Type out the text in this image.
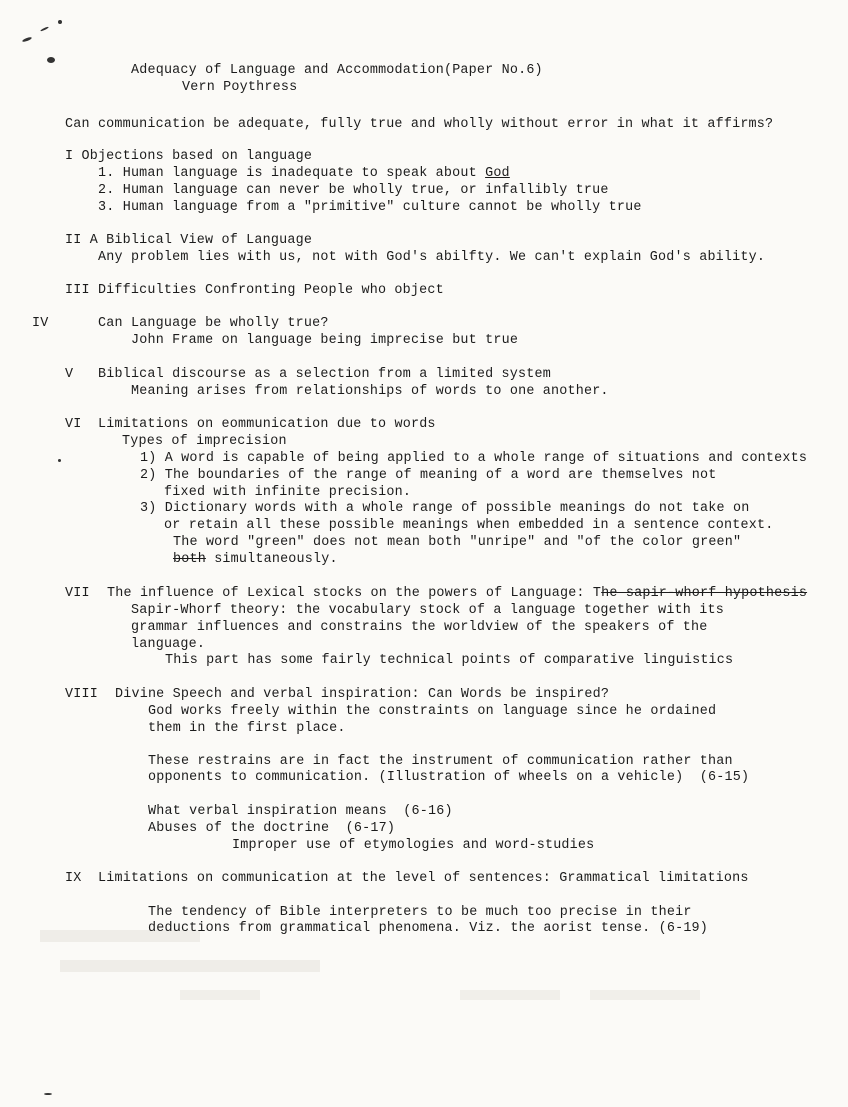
Adequacy of Language and Accommodation(Paper No.6)
Vern Poythress
Can communication be adequate, fully true and wholly without error in what it affirms?
I Objections based on language
1. Human language is inadequate to speak about God
2. Human language can never be wholly true, or infallibly true
3. Human language from a "primitive" culture cannot be wholly true
II A Biblical View of Language
Any problem lies with us, not with God's abilfty. We can't explain God's ability.
III Difficulties Confronting People who object
IV	Can Language be wholly true?
John Frame on language being imprecise but true
V Biblical discourse as a selection from a limited system
Meaning arises from relationships of words to one another.
VI Limitations on eommunication due to words
Types of imprecision
1) A word is capable of being applied to a whole range of situations and contexts
2) The boundaries of the range of meaning of a word are themselves not
fixed with infinite precision.
3) Dictionary words with a whole range of possible meanings do not take on
or retain all these possible meanings when embedded in a sentence context.
The word "green" does not mean both "unripe" and "of the color green"
both simultaneously.
VII The influence of Lexical stocks on the powers of Language: The sapir-whorf hypothesis
Sapir-Whorf theory: the vocabulary stock of a language together with its
grammar influences and constrains the worldview of the speakers of the
language.
This part has some fairly technical points of comparative linguistics
VIII Divine Speech and verbal inspiration: Can Words be inspired?
God works freely within the constraints on language since he ordained
them in the first place.
These restrains are in fact the instrument of communication rather than
opponents to communication. (Illustration of wheels on a vehicle)  (6-15)
What verbal inspiration means  (6-16)
Abuses of the doctrine  (6-17)
Improper use of etymologies and word-studies
IX Limitations on communication at the level of sentences: Grammatical limitations
The tendency of Bible interpreters to be much too precise in their
deductions from grammatical phenomena. Viz. the aorist tense. (6-19)
